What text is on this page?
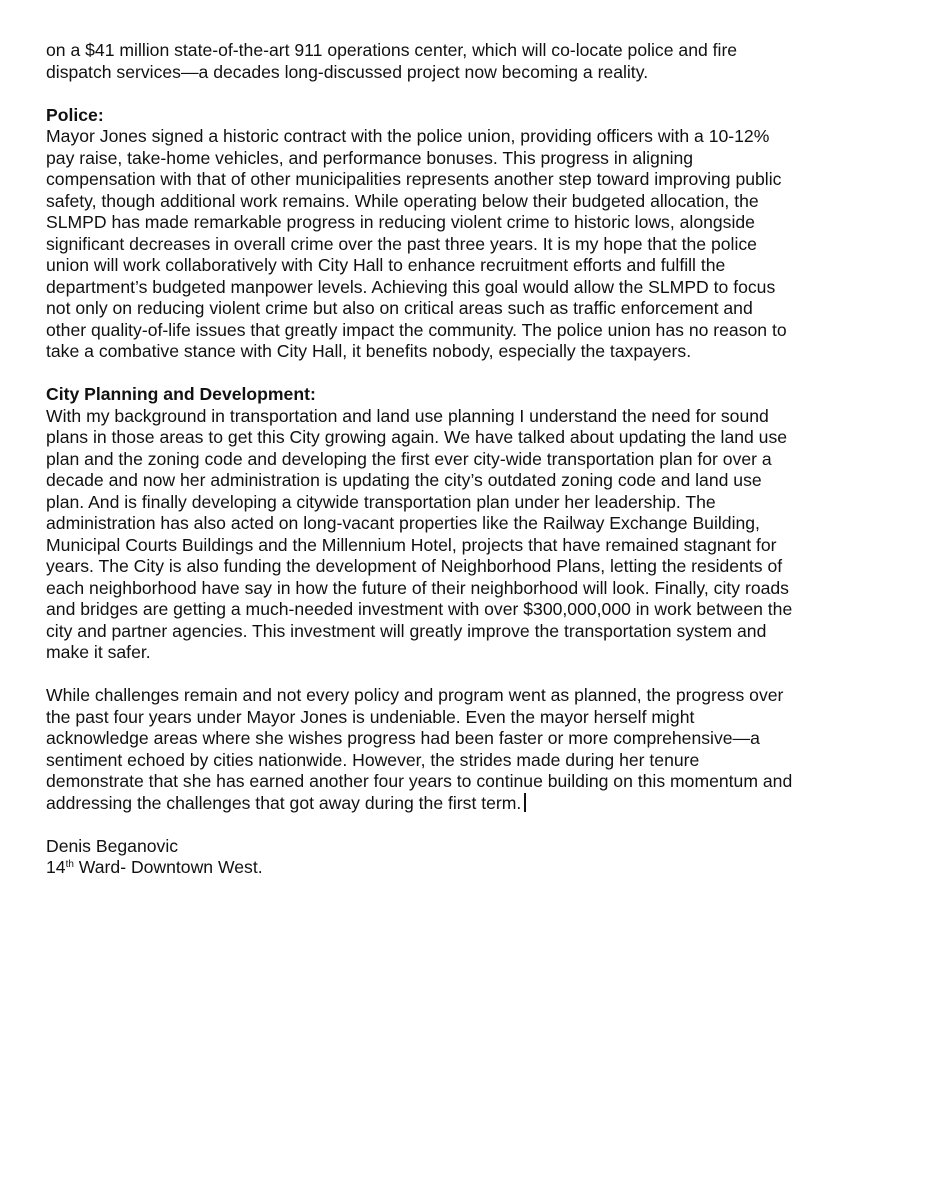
on a $41 million state-of-the-art 911 operations center, which will co-locate police and fire
dispatch services—a decades long-discussed project now becoming a reality.

Police:

Mayor Jones signed a historic contract with the police union, providing officers with a 10-12%
pay raise, take-home vehicles, and performance bonuses. This progress in aligning
compensation with that of other municipalities represents another step toward improving public
safety, though additional work remains. While operating below their budgeted allocation, the
SLMPD has made remarkable progress in reducing violent crime to historic lows, alongside
significant decreases in overall crime over the past three years. It is my hope that the police
union will work collaboratively with City Hall to enhance recruitment efforts and fulfill the
department’s budgeted manpower levels. Achieving this goal would allow the SLMPD to focus
not only on reducing violent crime but also on critical areas such as traffic enforcement and
other quality-of-life issues that greatly impact the community. The police union has no reason to
take a combative stance with City Hall, it benefits nobody, especially the taxpayers.

City Planning and Development:

With my background in transportation and land use planning I understand the need for sound
plans in those areas to get this City growing again. We have talked about updating the land use
plan and the zoning code and developing the first ever city-wide transportation plan for over a
decade and now her administration is updating the city’s outdated zoning code and land use
plan. And is finally developing a citywide transportation plan under her leadership. The
administration has also acted on long-vacant properties like the Railway Exchange Building,
Municipal Courts Buildings and the Millennium Hotel, projects that have remained stagnant for
years. The City is also funding the development of Neighborhood Plans, letting the residents of
each neighborhood have say in how the future of their neighborhood will look. Finally, city roads
and bridges are getting a much-needed investment with over $300,000,000 in work between the
city and partner agencies. This investment will greatly improve the transportation system and
make it safer.

While challenges remain and not every policy and program went as planned, the progress over
the past four years under Mayor Jones is undeniable. Even the mayor herself might
acknowledge areas where she wishes progress had been faster or more comprehensive—a
sentiment echoed by cities nationwide. However, the strides made during her tenure
demonstrate that she has earned another four years to continue building on this momentum and
addressing the challenges that got away during the first term.

Denis Beganovic
14th Ward- Downtown West.
